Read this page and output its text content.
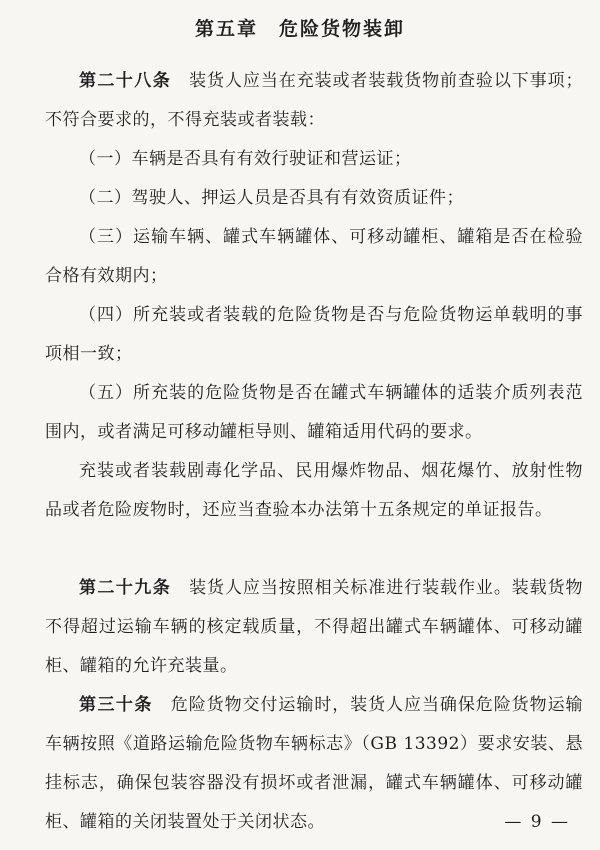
第五章　危险货物装卸

第二十八条 装货人应当在充装或者装载货物前查验以下事项；不符合要求的，不得充装或者装载：

（一）车辆是否具有有效行驶证和营运证；

（二）驾驶人、押运人员是否具有有效资质证件；

（三）运输车辆、罐式车辆罐体、可移动罐柜、罐箱是否在检验合格有效期内；

（四）所充装或者装载的危险货物是否与危险货物运单载明的事项相一致；

（五）所充装的危险货物是否在罐式车辆罐体的适装介质列表范围内，或者满足可移动罐柜导则、罐箱适用代码的要求。

充装或者装载剧毒化学品、民用爆炸物品、烟花爆竹、放射性物品或者危险废物时，还应当查验本办法第十五条规定的单证报告。

第二十九条 装货人应当按照相关标准进行装载作业。装载货物不得超过运输车辆的核定载质量，不得超出罐式车辆罐体、可移动罐柜、罐箱的允许充装量。

第三十条 危险货物交付运输时，装货人应当确保危险货物运输车辆按照《道路运输危险货物车辆标志》（GB 13392）要求安装、悬挂标志，确保包装容器没有损坏或者泄漏，罐式车辆罐体、可移动罐柜、罐箱的关闭装置处于关闭状态。	— 9 —
